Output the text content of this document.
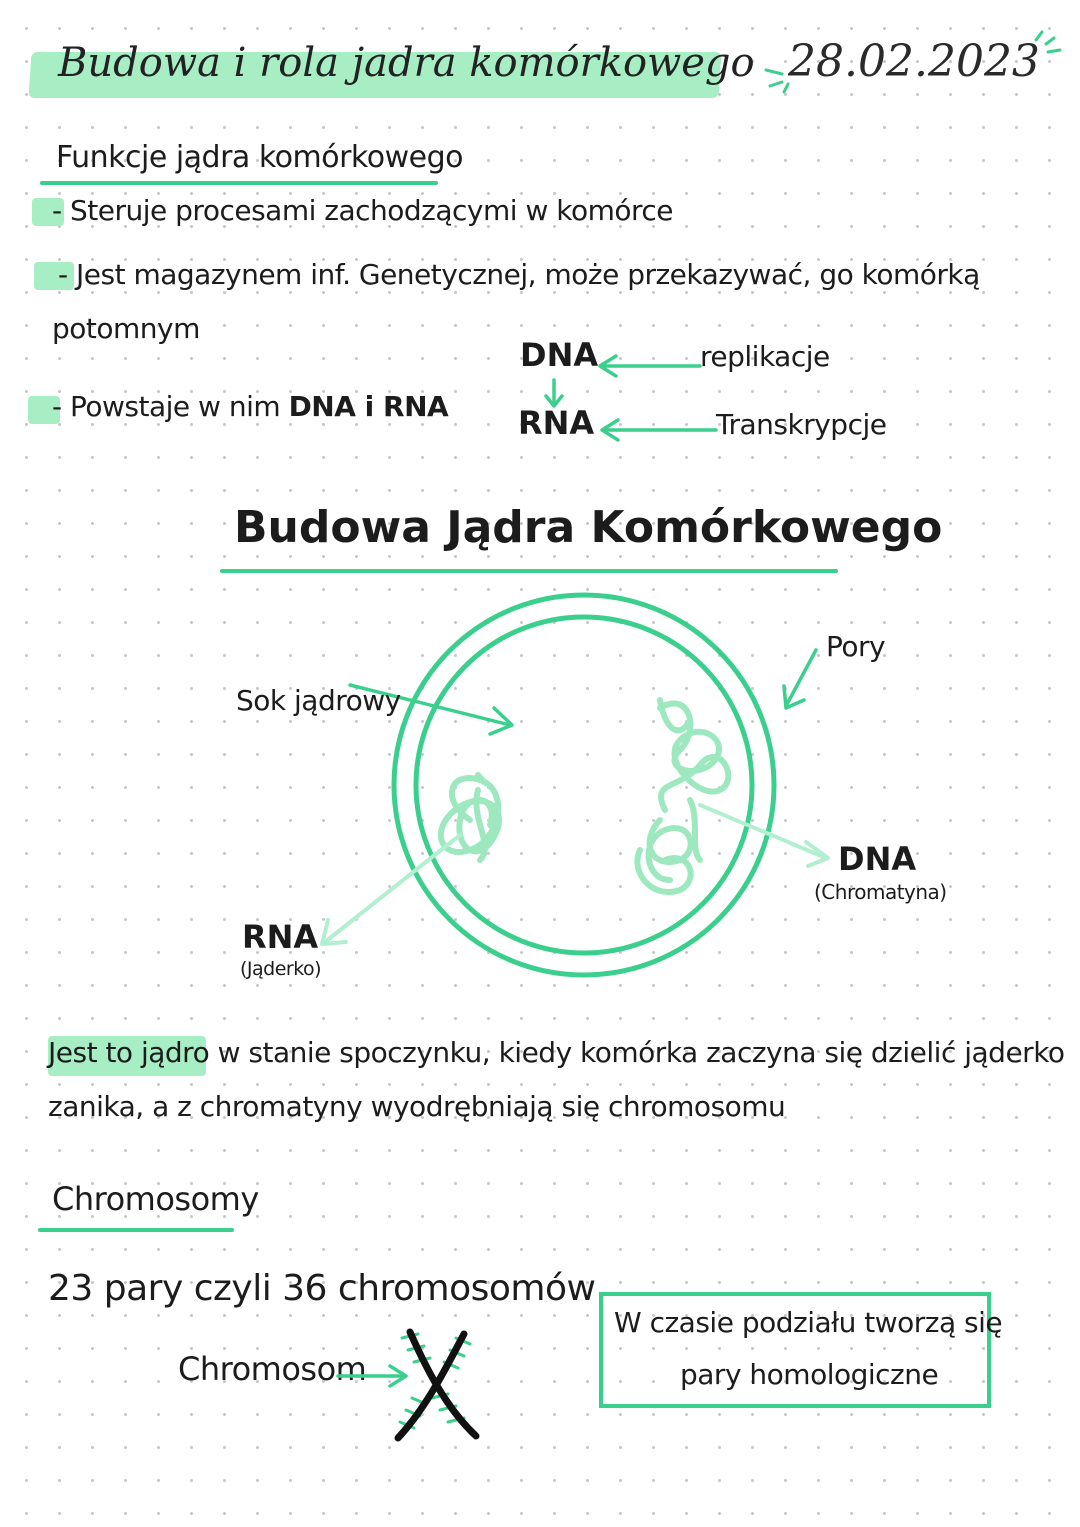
Budowa i rola jadra komórkowego 28.02.2023
Funkcje jądra komórkowego
- Steruje procesami zachodzącymi w komórce
- Jest magazynem inf. Genetycznej, może przekazywać, go komórką
potomnym
- Powstaje w nim DNA i RNA
DNA
RNA
replikacje
Transkrypcje
Budowa Jądra Komórkowego
Sok jądrowy
Pory
DNA
(Chromatyna)
RNA
(Jąderko)
Jest to jądro w stanie spoczynku, kiedy komórka zaczyna się dzielić jąderko
zanika, a z chromatyny wyodrębniają się chromosomu
Chromosomy
23 pary czyli 36 chromosomów
Chromosom
W czasie podziału tworzą się
pary homologiczne
